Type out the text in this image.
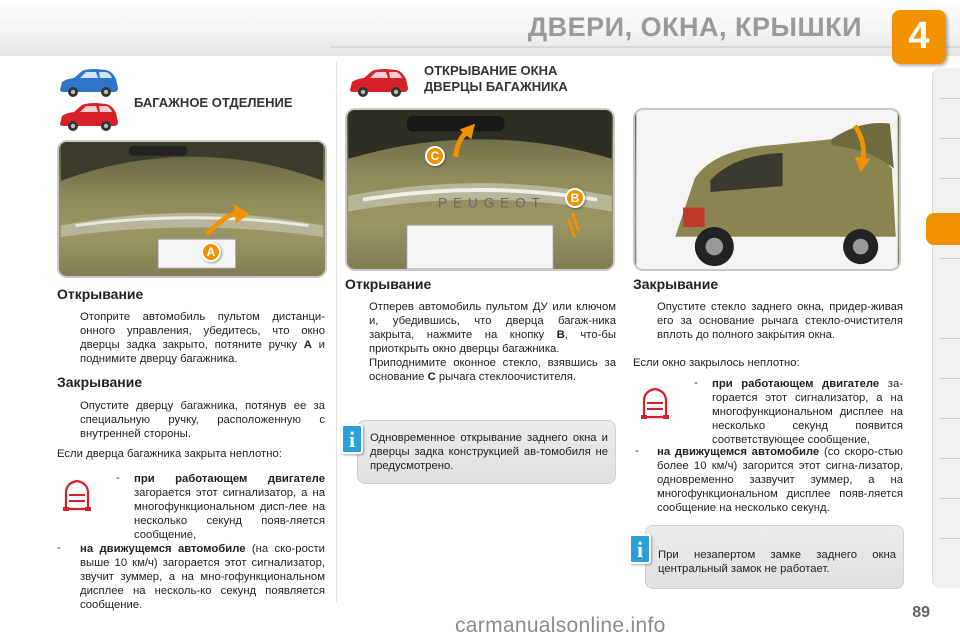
ДВЕРИ, ОКНА, КРЫШКИ	4
БАГАЖНОЕ ОТДЕЛЕНИЕ
A
Открывание
Отоприте автомобиль пультом дистанци-онного управления, убедитесь, что окно дверцы задка закрыто, потяните ручку A и поднимите дверцу багажника.
Закрывание
Опустите дверцу багажника, потянув ее за специальную ручку, расположенную с внутренней стороны.
Если дверца багажника закрыта неплотно:
- при работающем двигателе загорается этот сигнализатор, а на многофункциональном дисп-лее на несколько секунд появ-ляется сообщение,
- на движущемся автомобиле (на ско-рости выше 10 км/ч) загорается этот сигнализатор, звучит зуммер, а на мно-гофункциональном дисплее на несколь-ко секунд появляется сообщение.
ОТКРЫВАНИЕ ОКНА
ДВЕРЦЫ БАГАЖНИКА
PEUGEOT
C
B
Открывание
Отперев автомобиль пультом ДУ или ключом и, убедившись, что дверца багаж-ника закрыта, нажмите на кнопку B, что-бы приоткрыть окно дверцы багажника.
Приподнимите оконное стекло, взявшись за основание C рычага стеклоочистителя.
Одновременное открывание заднего окна и дверцы задка конструкцией ав-томобиля не предусмотрено.
i
Закрывание
Опустите стекло заднего окна, придер-живая его за основание рычага стекло-очистителя вплоть до полного закрытия окна.
Если окно закрылось неплотно:
- при работающем двигателе за-горается этот сигнализатор, а на многофункциональном дисплее на несколько секунд появится соответствующее сообщение,
- на движущемся автомобиле (со скоро-стью более 10 км/ч) загорится этот сигна-лизатор, одновременно зазвучит зуммер, а на многофункциональном дисплее появ-ляется сообщение на несколько секунд.
При незапертом замке заднего окна центральный замок не работает.
i
89
carmanualsonline.info
